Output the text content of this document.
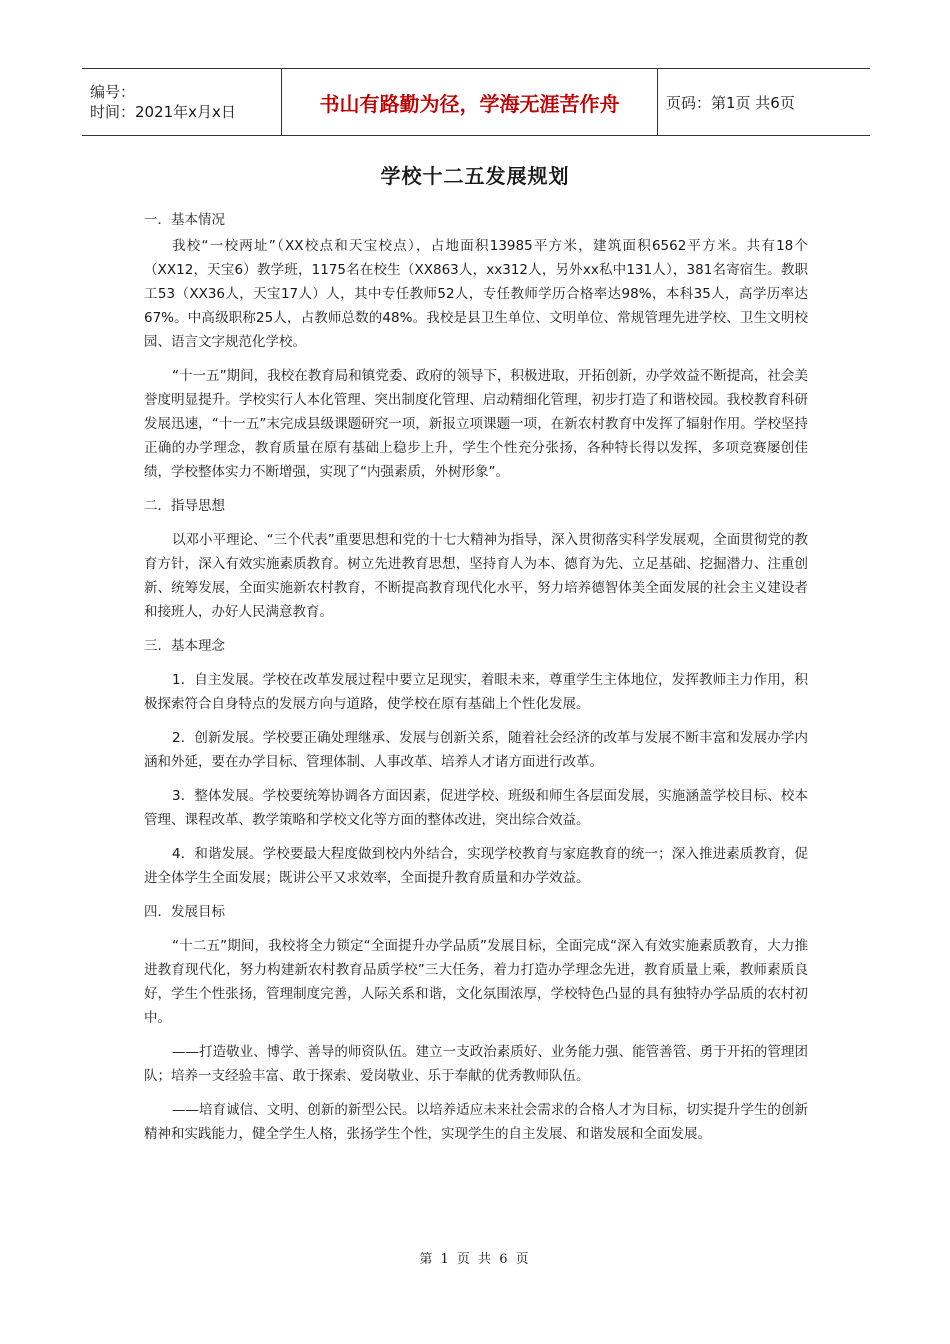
编号：
时间：2021年x月x日	书山有路勤为径，学海无涯苦作舟	页码：第1页 共6页
学校十二五发展规划

一．基本情况

我校“一校两址”（XX校点和天宝校点），占地面积13985平方米，建筑面积6562平方米。共有18个（XX12，天宝6）教学班，1175名在校生（XX863人，xx312人，另外xx私中131人），381名寄宿生。教职工53（XX36人，天宝17人）人，其中专任教师52人，专任教师学历合格率达98%，本科35人，高学历率达67%。中高级职称25人，占教师总数的48%。我校是县卫生单位、文明单位、常规管理先进学校、卫生文明校园、语言文字规范化学校。

“十一五”期间，我校在教育局和镇党委、政府的领导下，积极进取，开拓创新，办学效益不断提高，社会美誉度明显提升。学校实行人本化管理、突出制度化管理、启动精细化管理，初步打造了和谐校园。我校教育科研发展迅速，“十一五”末完成县级课题研究一项，新报立项课题一项，在新农村教育中发挥了辐射作用。学校坚持正确的办学理念，教育质量在原有基础上稳步上升，学生个性充分张扬，各种特长得以发挥，多项竞赛屡创佳绩，学校整体实力不断增强，实现了“内强素质，外树形象”。

二．指导思想

以邓小平理论、“三个代表”重要思想和党的十七大精神为指导，深入贯彻落实科学发展观，全面贯彻党的教育方针，深入有效实施素质教育。树立先进教育思想，坚持育人为本、德育为先、立足基础、挖掘潜力、注重创新、统筹发展，全面实施新农村教育，不断提高教育现代化水平，努力培养德智体美全面发展的社会主义建设者和接班人，办好人民满意教育。

三．基本理念

1．自主发展。学校在改革发展过程中要立足现实，着眼未来，尊重学生主体地位，发挥教师主力作用，积极探索符合自身特点的发展方向与道路，使学校在原有基础上个性化发展。

2．创新发展。学校要正确处理继承、发展与创新关系，随着社会经济的改革与发展不断丰富和发展办学内涵和外延，要在办学目标、管理体制、人事改革、培养人才诸方面进行改革。

3．整体发展。学校要统筹协调各方面因素，促进学校、班级和师生各层面发展，实施涵盖学校目标、校本管理、课程改革、教学策略和学校文化等方面的整体改进，突出综合效益。

4．和谐发展。学校要最大程度做到校内外结合，实现学校教育与家庭教育的统一；深入推进素质教育，促进全体学生全面发展；既讲公平又求效率，全面提升教育质量和办学效益。

四．发展目标

“十二五”期间，我校将全力锁定“全面提升办学品质”发展目标，全面完成“深入有效实施素质教育，大力推进教育现代化，努力构建新农村教育品质学校”三大任务，着力打造办学理念先进，教育质量上乘，教师素质良好，学生个性张扬，管理制度完善，人际关系和谐，文化氛围浓厚，学校特色凸显的具有独特办学品质的农村初中。

——打造敬业、博学、善导的师资队伍。建立一支政治素质好、业务能力强、能管善管、勇于开拓的管理团队；培养一支经验丰富、敢于探索、爱岗敬业、乐于奉献的优秀教师队伍。

——培育诚信、文明、创新的新型公民。以培养适应未来社会需求的合格人才为目标，切实提升学生的创新精神和实践能力，健全学生人格，张扬学生个性，实现学生的自主发展、和谐发展和全面发展。

第 1 页 共 6 页
